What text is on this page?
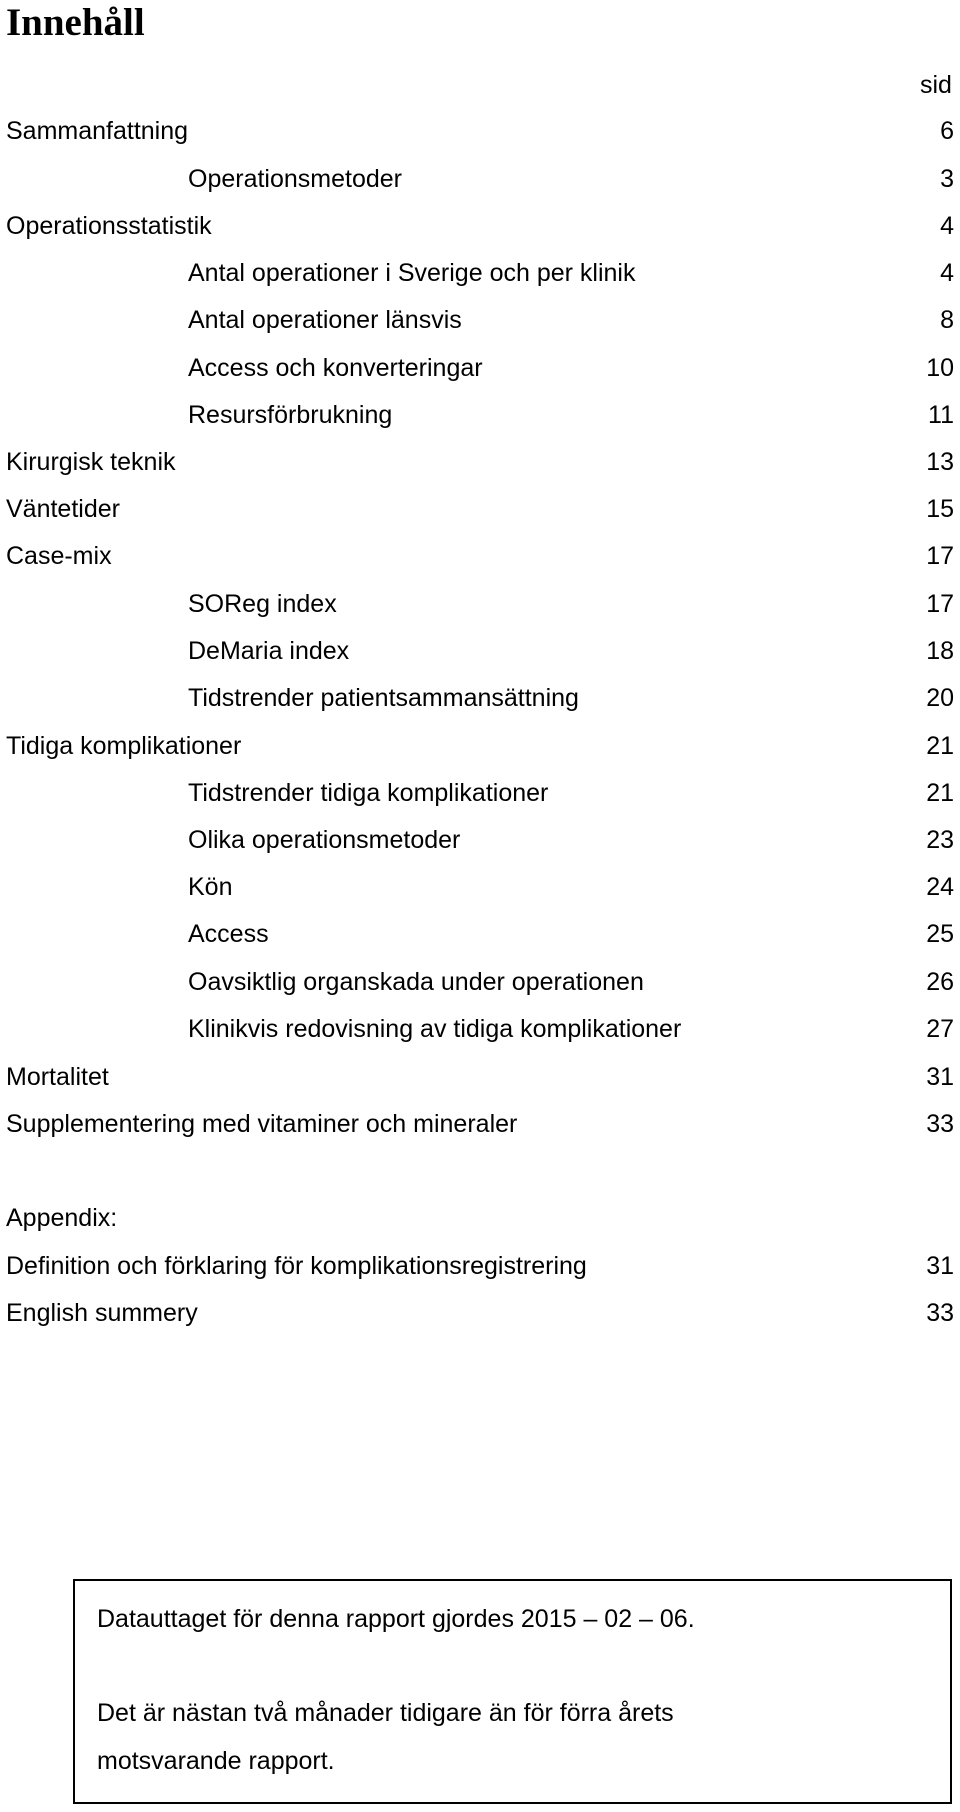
Innehåll
sid
Sammanfattning	6
Operationsmetoder	3
Operationsstatistik	4
Antal operationer i Sverige och per klinik	4
Antal operationer länsvis	8
Access och konverteringar	10
Resursförbrukning	11
Kirurgisk teknik	13
Väntetider	15
Case-mix	17
SOReg index	17
DeMaria index	18
Tidstrender patientsammansättning	20
Tidiga komplikationer	21
Tidstrender tidiga komplikationer	21
Olika operationsmetoder	23
Kön	24
Access	25
Oavsiktlig organskada under operationen	26
Klinikvis redovisning av tidiga komplikationer	27
Mortalitet	31
Supplementering med vitaminer och mineraler	33
Appendix:
Definition och förklaring för komplikationsregistrering	31
English summery	33

Datauttaget för denna rapport gjordes 2015 – 02 – 06.

Det är nästan två månader tidigare än för förra årets

motsvarande rapport.
